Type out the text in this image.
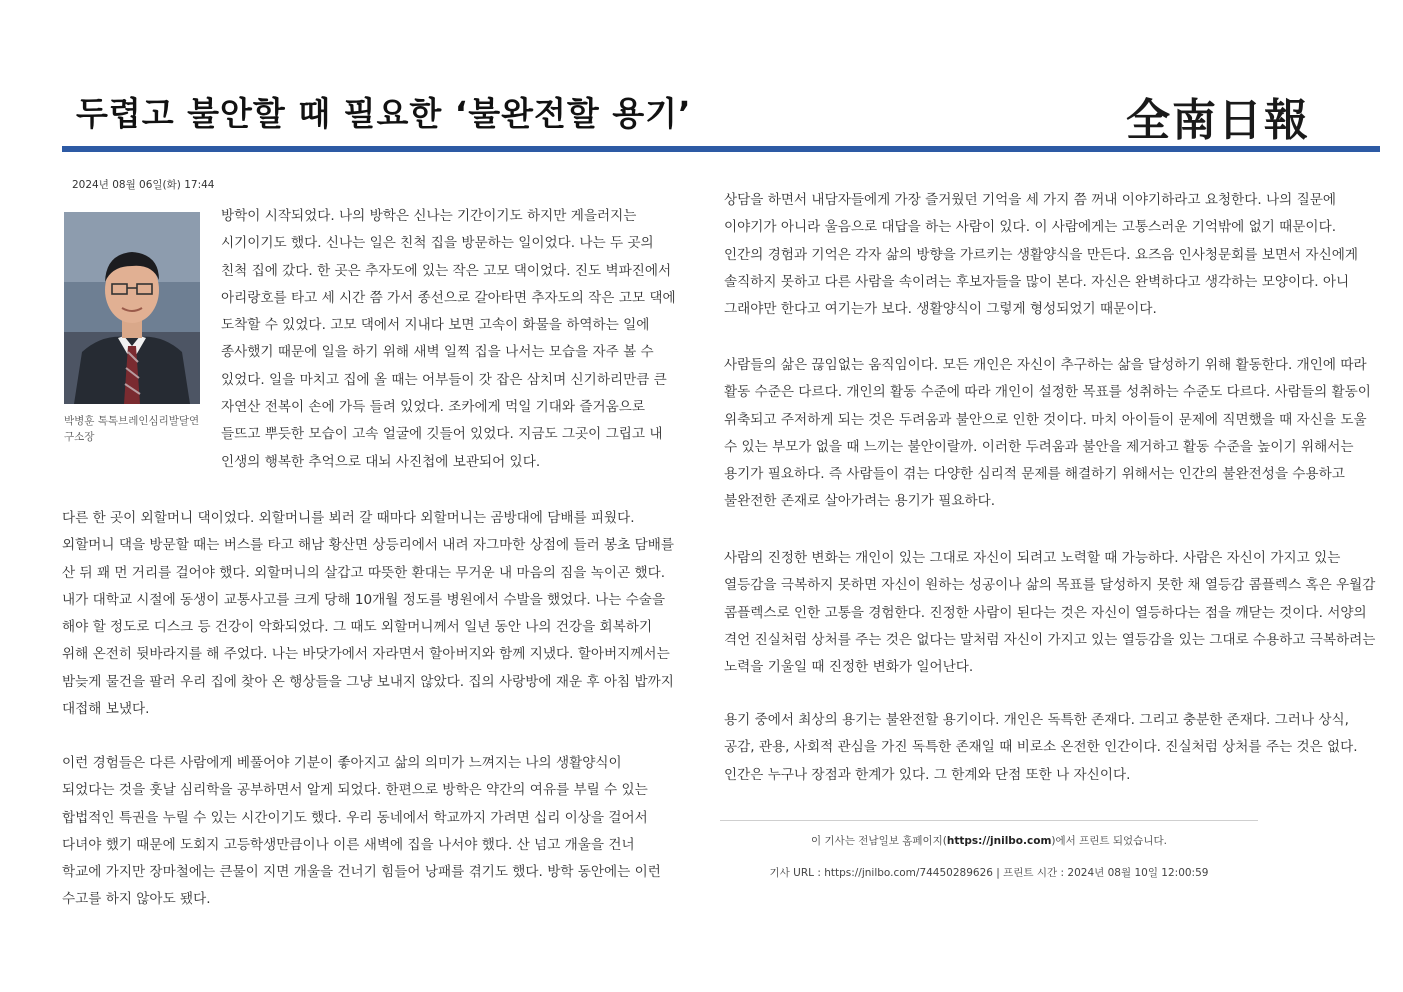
두렵고 불안할 때 필요한 ‘불완전할 용기’	全南日報
2024년 08월 06일(화) 17:44
박병훈 톡톡브레인심리발달연구소장

방학이 시작되었다. 나의 방학은 신나는 기간이기도 하지만 게을러지는 시기이기도 했다. 신나는 일은 친척 집을 방문하는 일이었다. 나는 두 곳의 친척 집에 갔다. 한 곳은 추자도에 있는 작은 고모 댁이었다. 진도 벽파진에서 아리랑호를 타고 세 시간 쯤 가서 종선으로 갈아타면 추자도의 작은 고모 댁에 도착할 수 있었다. 고모 댁에서 지내다 보면 고속이 화물을 하역하는 일에 종사했기 때문에 일을 하기 위해 새벽 일찍 집을 나서는 모습을 자주 볼 수 있었다. 일을 마치고 집에 올 때는 어부들이 갓 잡은 삼치며 신기하리만큼 큰 자연산 전복이 손에 가득 들려 있었다. 조카에게 먹일 기대와 즐거움으로 들뜨고 뿌듯한 모습이 고속 얼굴에 깃들어 있었다. 지금도 그곳이 그립고 내 인생의 행복한 추억으로 대뇌 사진첩에 보관되어 있다.

다른 한 곳이 외할머니 댁이었다. 외할머니를 뵈러 갈 때마다 외할머니는 곰방대에 담배를 피웠다. 외할머니 댁을 방문할 때는 버스를 타고 해남 황산면 상등리에서 내려 자그마한 상점에 들러 봉초 담배를 산 뒤 꽤 먼 거리를 걸어야 했다. 외할머니의 살갑고 따뜻한 환대는 무거운 내 마음의 짐을 녹이곤 했다. 내가 대학교 시절에 동생이 교통사고를 크게 당해 10개월 정도를 병원에서 수발을 했었다. 나는 수술을 해야 할 정도로 디스크 등 건강이 악화되었다. 그 때도 외할머니께서 일년 동안 나의 건강을 회복하기 위해 온전히 뒷바라지를 해 주었다. 나는 바닷가에서 자라면서 할아버지와 함께 지냈다. 할아버지께서는 밤늦게 물건을 팔러 우리 집에 찾아 온 행상들을 그냥 보내지 않았다. 집의 사랑방에 재운 후 아침 밥까지 대접해 보냈다.

이런 경험들은 다른 사람에게 베풀어야 기분이 좋아지고 삶의 의미가 느껴지는 나의 생활양식이 되었다는 것을 훗날 심리학을 공부하면서 알게 되었다. 한편으로 방학은 약간의 여유를 부릴 수 있는 합법적인 특권을 누릴 수 있는 시간이기도 했다. 우리 동네에서 학교까지 가려면 십리 이상을 걸어서 다녀야 했기 때문에 도회지 고등학생만큼이나 이른 새벽에 집을 나서야 했다. 산 넘고 개울을 건너 학교에 가지만 장마철에는 큰물이 지면 개울을 건너기 힘들어 낭패를 겪기도 했다. 방학 동안에는 이런 수고를 하지 않아도 됐다.

상담을 하면서 내담자들에게 가장 즐거웠던 기억을 세 가지 쯤 꺼내 이야기하라고 요청한다. 나의 질문에 이야기가 아니라 울음으로 대답을 하는 사람이 있다. 이 사람에게는 고통스러운 기억밖에 없기 때문이다. 인간의 경험과 기억은 각자 삶의 방향을 가르키는 생활양식을 만든다. 요즈음 인사청문회를 보면서 자신에게 솔직하지 못하고 다른 사람을 속이려는 후보자들을 많이 본다. 자신은 완벽하다고 생각하는 모양이다. 아니 그래야만 한다고 여기는가 보다. 생활양식이 그렇게 형성되었기 때문이다.

사람들의 삶은 끊임없는 움직임이다. 모든 개인은 자신이 추구하는 삶을 달성하기 위해 활동한다. 개인에 따라 활동 수준은 다르다. 개인의 활동 수준에 따라 개인이 설정한 목표를 성취하는 수준도 다르다. 사람들의 활동이 위축되고 주저하게 되는 것은 두려움과 불안으로 인한 것이다. 마치 아이들이 문제에 직면했을 때 자신을 도울 수 있는 부모가 없을 때 느끼는 불안이랄까. 이러한 두려움과 불안을 제거하고 활동 수준을 높이기 위해서는 용기가 필요하다. 즉 사람들이 겪는 다양한 심리적 문제를 해결하기 위해서는 인간의 불완전성을 수용하고 불완전한 존재로 살아가려는 용기가 필요하다.

사람의 진정한 변화는 개인이 있는 그대로 자신이 되려고 노력할 때 가능하다. 사람은 자신이 가지고 있는 열등감을 극복하지 못하면 자신이 원하는 성공이나 삶의 목표를 달성하지 못한 채 열등감 콤플렉스 혹은 우월감 콤플렉스로 인한 고통을 경험한다. 진정한 사람이 된다는 것은 자신이 열등하다는 점을 깨닫는 것이다. 서양의 격언 진실처럼 상처를 주는 것은 없다는 말처럼 자신이 가지고 있는 열등감을 있는 그대로 수용하고 극복하려는 노력을 기울일 때 진정한 변화가 일어난다.

용기 중에서 최상의 용기는 불완전할 용기이다. 개인은 독특한 존재다. 그리고 충분한 존재다. 그러나 상식, 공감, 관용, 사회적 관심을 가진 독특한 존재일 때 비로소 온전한 인간이다. 진실처럼 상처를 주는 것은 없다. 인간은 누구나 장점과 한계가 있다. 그 한계와 단점 또한 나 자신이다.

이 기사는 전남일보 홈페이지(https://jnilbo.com)에서 프린트 되었습니다.
기사 URL : https://jnilbo.com/74450289626 | 프린트 시간 : 2024년 08월 10일 12:00:59
